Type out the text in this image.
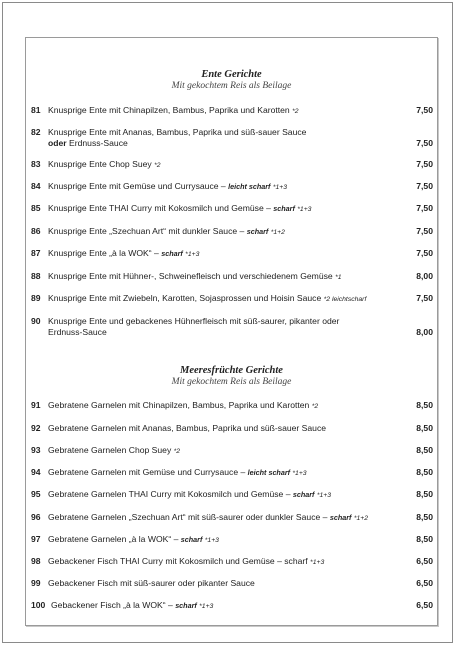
Ente Gerichte
Mit gekochtem Reis als Beilage
Meeresfrüchte Gerichte
Mit gekochtem Reis als Beilage
81 Knusprige Ente mit Chinapilzen, Bambus, Paprika und Karotten *2	7,50
82 Knusprige Ente mit Ananas, Bambus, Paprika und süß-sauer Sauce
oder Erdnuss-Sauce	7,50
83 Knusprige Ente Chop Suey *2	7,50
84 Knusprige Ente mit Gemüse und Currysauce – leicht scharf *1+3	7,50
85 Knusprige Ente THAI Curry mit Kokosmilch und Gemüse – scharf *1+3	7,50
86 Knusprige Ente „Szechuan Art“ mit dunkler Sauce – scharf *1+2	7,50
87 Knusprige Ente „à la WOK“ – scharf *1+3	7,50
88 Knusprige Ente mit Hühner-, Schweinefleisch und verschiedenem Gemüse *1	8,00
89 Knusprige Ente mit Zwiebeln, Karotten, Sojasprossen und Hoisin Sauce *2 leichtscharf	7,50
90 Knusprige Ente und gebackenes Hühnerfleisch mit süß-saurer, pikanter oder Erdnuss-Sauce	8,00
91 Gebratene Garnelen mit Chinapilzen, Bambus, Paprika und Karotten *2	8,50
92 Gebratene Garnelen mit Ananas, Bambus, Paprika und süß-sauer Sauce	8,50
93 Gebratene Garnelen Chop Suey *2	8,50
94 Gebratene Garnelen mit Gemüse und Currysauce – leicht scharf *1+3	8,50
95 Gebratene Garnelen THAI Curry mit Kokosmilch und Gemüse – scharf *1+3	8,50
96 Gebratene Garnelen „Szechuan Art“ mit süß-saurer oder dunkler Sauce – scharf *1+2	8,50
97 Gebratene Garnelen „à la WOK“ – scharf *1+3	8,50
98 Gebackener Fisch THAI Curry mit Kokosmilch und Gemüse – scharf *1+3	6,50
99 Gebackener Fisch mit süß-saurer oder pikanter Sauce	6,50
100 Gebackener Fisch „à la WOK“ – scharf *1+3	6,50
